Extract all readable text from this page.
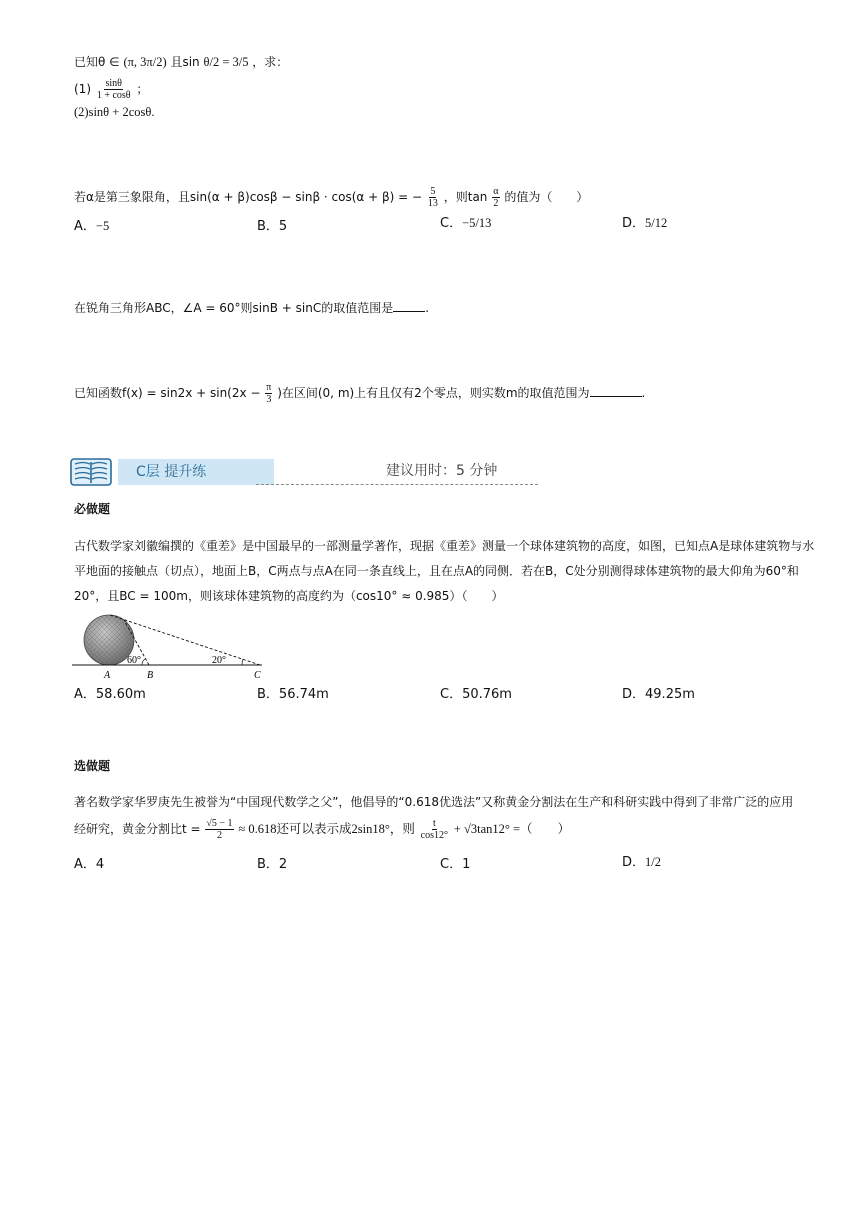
已知θ ∈ (π, 3π/2) 且sin θ/2 = 3/5 ，求：
$(1) \frac{\sin\theta}{1 + \cos\theta}$ ；
(2)sinθ + 2cosθ.
若α是第三象限角，且sin(α + β)cosβ − sinβ · cos(α + β) = − $\frac{5}{13}$ ，则$\tan \frac{\alpha}{2}$ 的值为（　　）
A．−5	B．5	C．−5/13	D．5/12
在锐角三角形ABC，∠A = 60°则sinB + sinC的取值范围是	.
已知函数$f(x) = \sin 2x + \sin(2x - \frac{\pi}{3}$ )在区间(0, m)上有且仅有2个零点，则实数m的取值范围为	.
C层 提升练	建议用时：5 分钟
必做题
古代数学家刘徽编撰的《重差》是中国最早的一部测量学著作，现据《重差》测量一个球体建筑物的高度，如图，已知点A是球体建筑物与水
平地面的接触点（切点），地面上B，C两点与点A在同一条直线上，且在点A的同侧．若在B，C处分别测得球体建筑物的最大仰角为60°和
20°，且BC = 100m，则该球体建筑物的高度约为（cos10° ≈ 0.985）（　　）
60°	20°
A	B	C
A．58.60m	B．56.74m	C．50.76m	D．49.25m
选做题
著名数学家华罗庚先生被誉为“中国现代数学之父”，他倡导的“0.618优选法”又称黄金分割法在生产和科研实践中得到了非常广泛的应用
经研究，黄金分割比$t = \frac{√5 - 1}{2} \approx 0.618$还可以表示成2sin18°，则 $\frac{t}{\cos 12^\circ} + √3\tan 12^\circ$ =（　　）
A．4	B．2	C．1	D．1/2
